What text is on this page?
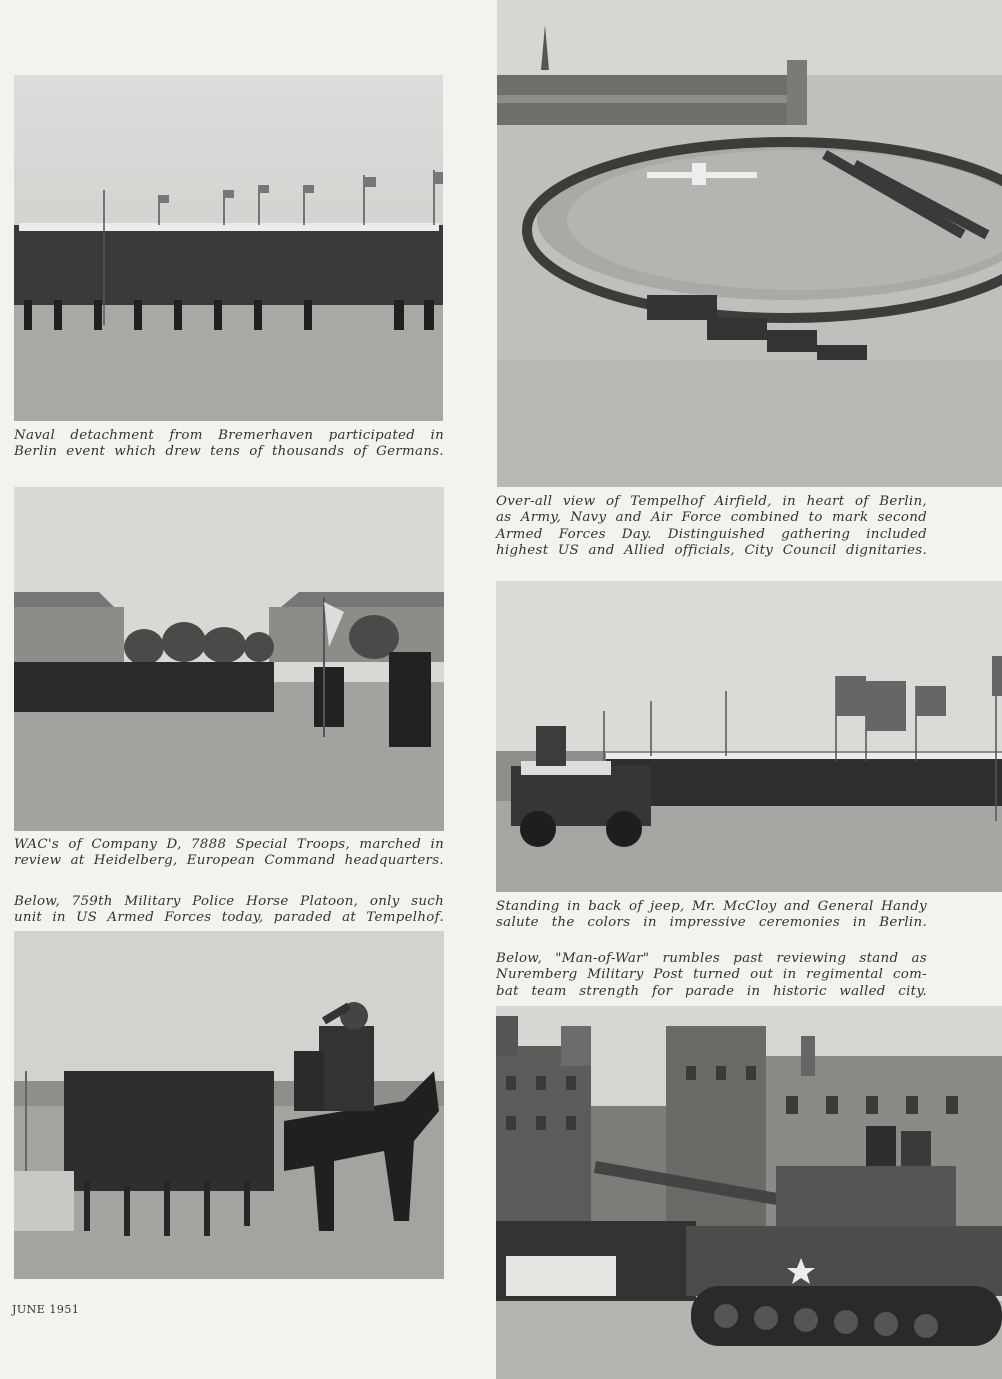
Naval detachment from Bremerhaven participated in
Berlin event which drew tens of thousands of Germans.

Over-all view of Tempelhof Airfield, in heart of Berlin,
as Army, Navy and Air Force combined to mark second
Armed Forces Day. Distinguished gathering included
highest US and Allied officials, City Council dignitaries.

WAC's of Company D, 7888 Special Troops, marched in
review at Heidelberg, European Command headquarters.

Below, 759th Military Police Horse Platoon, only such
unit in US Armed Forces today, paraded at Tempelhof.

Standing in back of jeep, Mr. McCloy and General Handy
salute the colors in impressive ceremonies in Berlin.

Below, "Man-of-War" rumbles past reviewing stand as
Nuremberg Military Post turned out in regimental com-
bat team strength for parade in historic walled city.

JUNE 1951
